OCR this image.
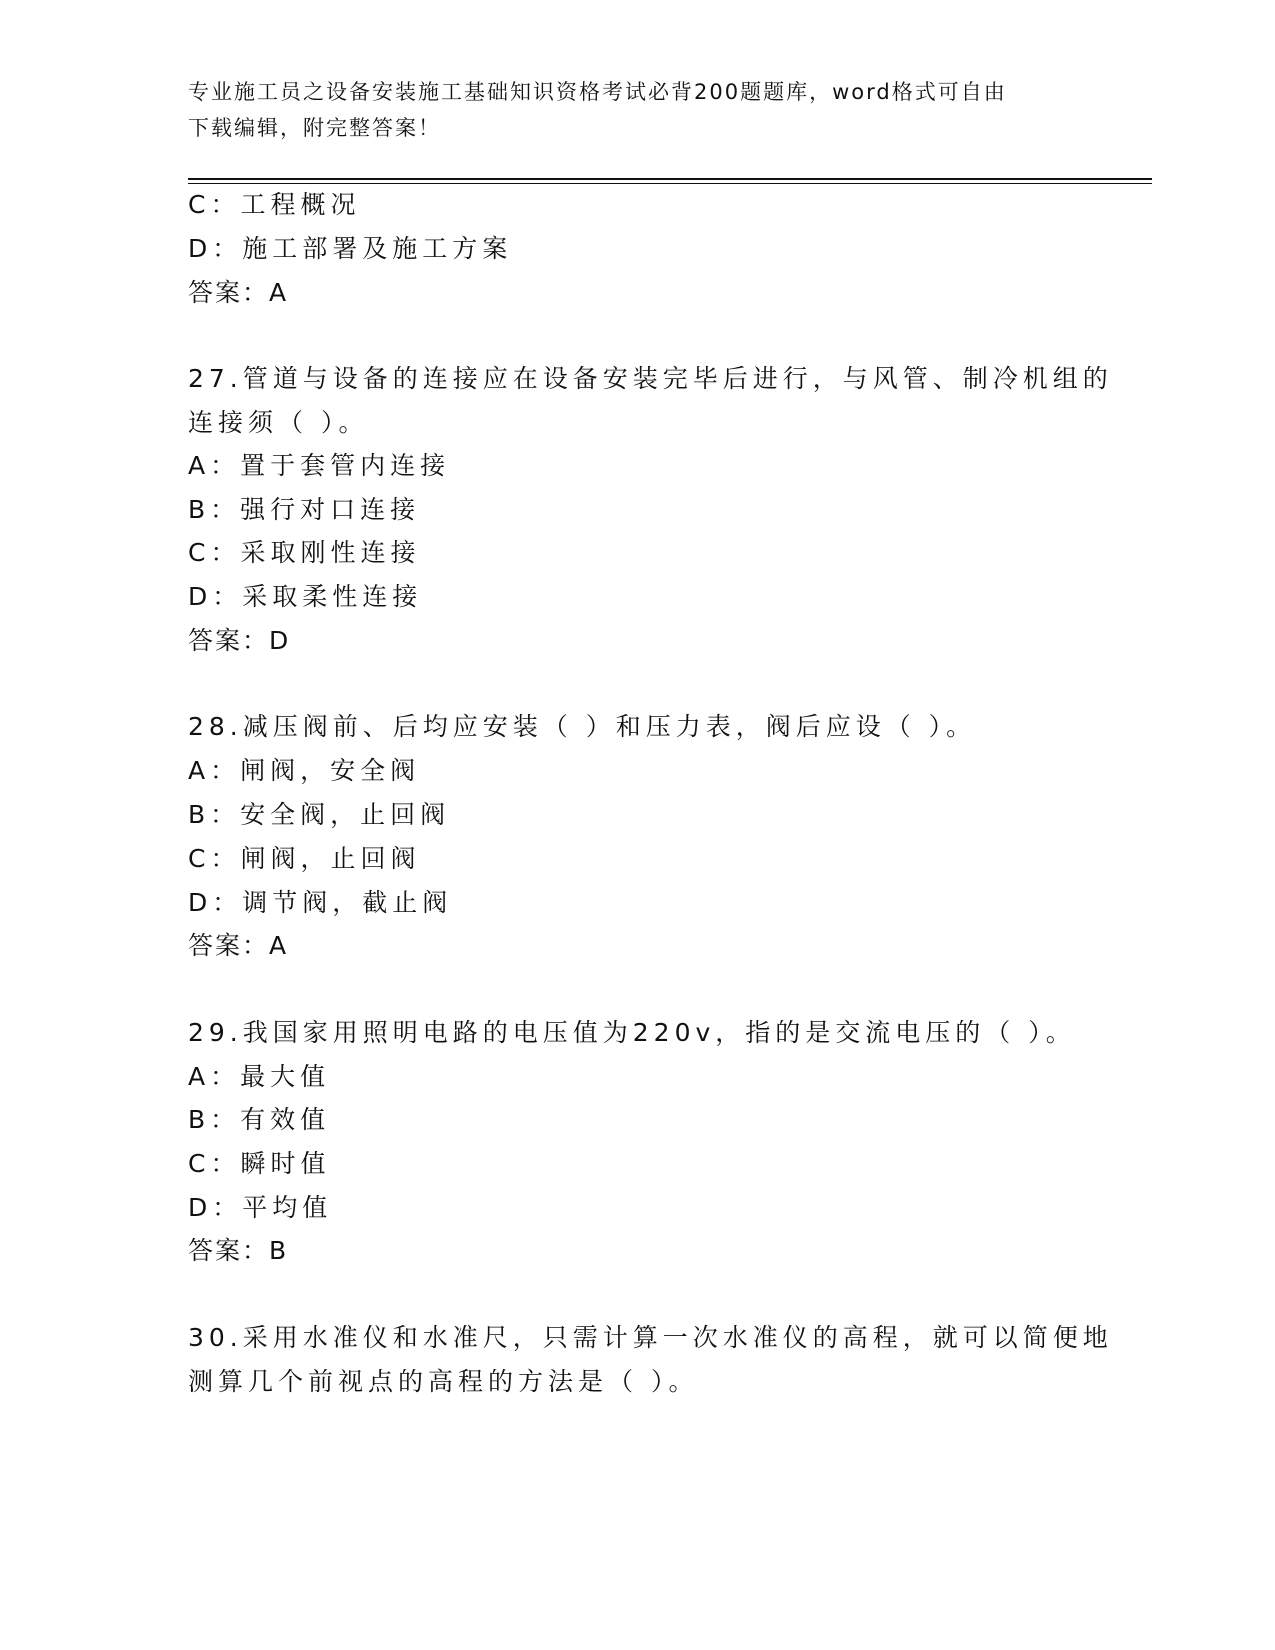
专业施工员之设备安装施工基础知识资格考试必背200题题库，word格式可自由
下载编辑，附完整答案！
C：工程概况
D：施工部署及施工方案
答案：A
27.管道与设备的连接应在设备安装完毕后进行，与风管、制冷机组的
连接须（ ）。
A：置于套管内连接
B：强行对口连接
C：采取刚性连接
D：采取柔性连接
答案：D
28.减压阀前、后均应安装（ ）和压力表，阀后应设（ ）。
A：闸阀，安全阀
B：安全阀，止回阀
C：闸阀，止回阀
D：调节阀，截止阀
答案：A
29.我国家用照明电路的电压值为220v，指的是交流电压的（ ）。
A：最大值
B：有效值
C：瞬时值
D：平均值
答案：B
30.采用水准仪和水准尺，只需计算一次水准仪的高程，就可以简便地
测算几个前视点的高程的方法是（ ）。
